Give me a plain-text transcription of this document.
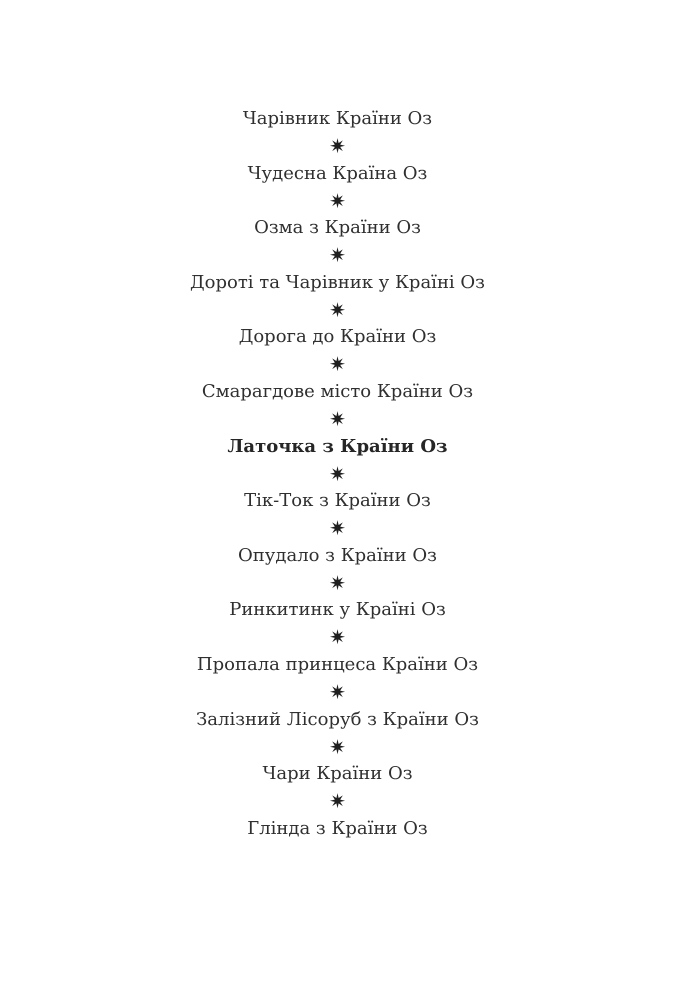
Чарівник Країни Оз
✷
Чудесна Країна Оз
✷
Озма з Країни Оз
✷
Дороті та Чарівник у Країні Оз
✷
Дорога до Країни Оз
✷
Смарагдове місто Країни Оз
✷
Латочка з Країни Оз
✷
Тік-Ток з Країни Оз
✷
Опудало з Країни Оз
✷
Ринкитинк у Країні Оз
✷
Пропала принцеса Країни Оз
✷
Залізний Лісоруб з Країни Оз
✷
Чари Країни Оз
✷
Глінда з Країни Оз
